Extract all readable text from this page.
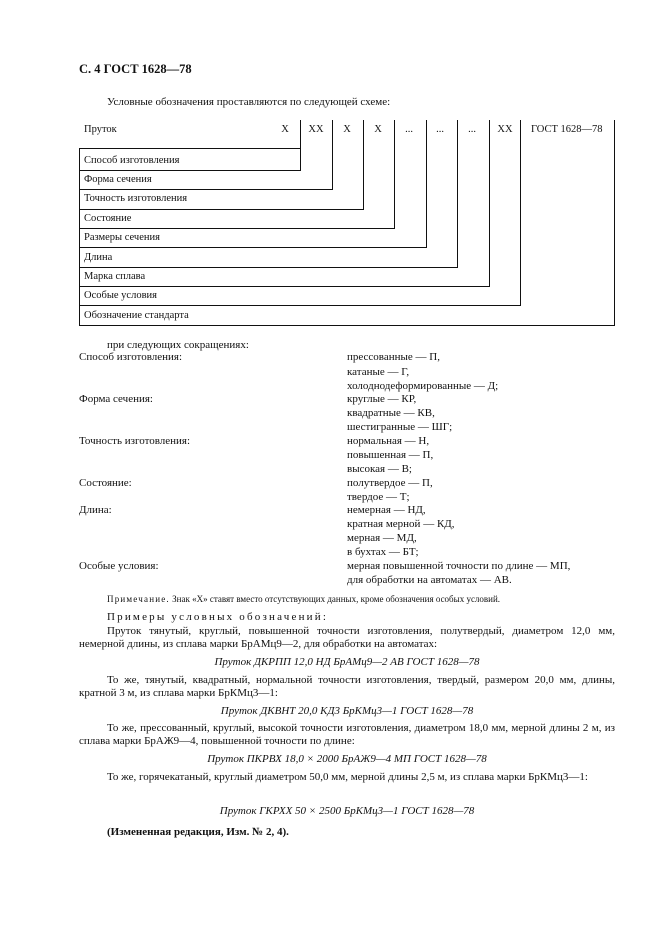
С. 4 ГОСТ 1628—78
Условные обозначения проставляются по следующей схеме:
Пруток	Х	ХХ	Х	Х	...	...	...	ХХ	ГОСТ 1628—78
Способ изготовления
Форма сечения
Точность изготовления
Состояние
Размеры сечения
Длина
Марка сплава
Особые условия
Обозначение стандарта
при следующих сокращениях:
Способ изготовления:	прессованные — П,
катаные — Г,
холоднодеформированные — Д;
Форма сечения:	круглые — КР,
квадратные — КВ,
шестигранные — ШГ;
Точность изготовления:	нормальная — Н,
повышенная — П,
высокая — В;
Состояние:	полутвердое — П,
твердое — Т;
Длина:	немерная — НД,
кратная мерной — КД,
мерная — МД,
в бухтах — БТ;
Особые условия:	мерная повышенной точности по длине — МП,
для обработки на автоматах — АВ.
Примечание. Знак «Х» ставят вместо отсутствующих данных, кроме обозначения особых условий.
Примеры условных обозначений:
Пруток тянутый, круглый, повышенной точности изготовления, полутвердый, диаметром 12,0 мм, немерной длины, из сплава марки БрАМц9—2, для обработки на автоматах:
Пруток ДКРПП 12,0 НД БрАМц9—2 АВ ГОСТ 1628—78
То же, тянутый, квадратный, нормальной точности изготовления, твердый, размером 20,0 мм, длины, кратной 3 м, из сплава марки БрКМц3—1:
Пруток ДКВНТ 20,0 КД3 БрКМц3—1 ГОСТ 1628—78
То же, прессованный, круглый, высокой точности изготовления, диаметром 18,0 мм, мерной длины 2 м, из сплава марки БрАЖ9—4, повышенной точности по длине:
Пруток ПКРВХ 18,0 × 2000 БрАЖ9—4 МП ГОСТ 1628—78
То же, горячекатаный, круглый диаметром 50,0 мм, мерной длины 2,5 м, из сплава марки БрКМц3—1:
Пруток ГКРХХ 50 × 2500 БрКМц3—1 ГОСТ 1628—78
(Измененная редакция, Изм. № 2, 4).
